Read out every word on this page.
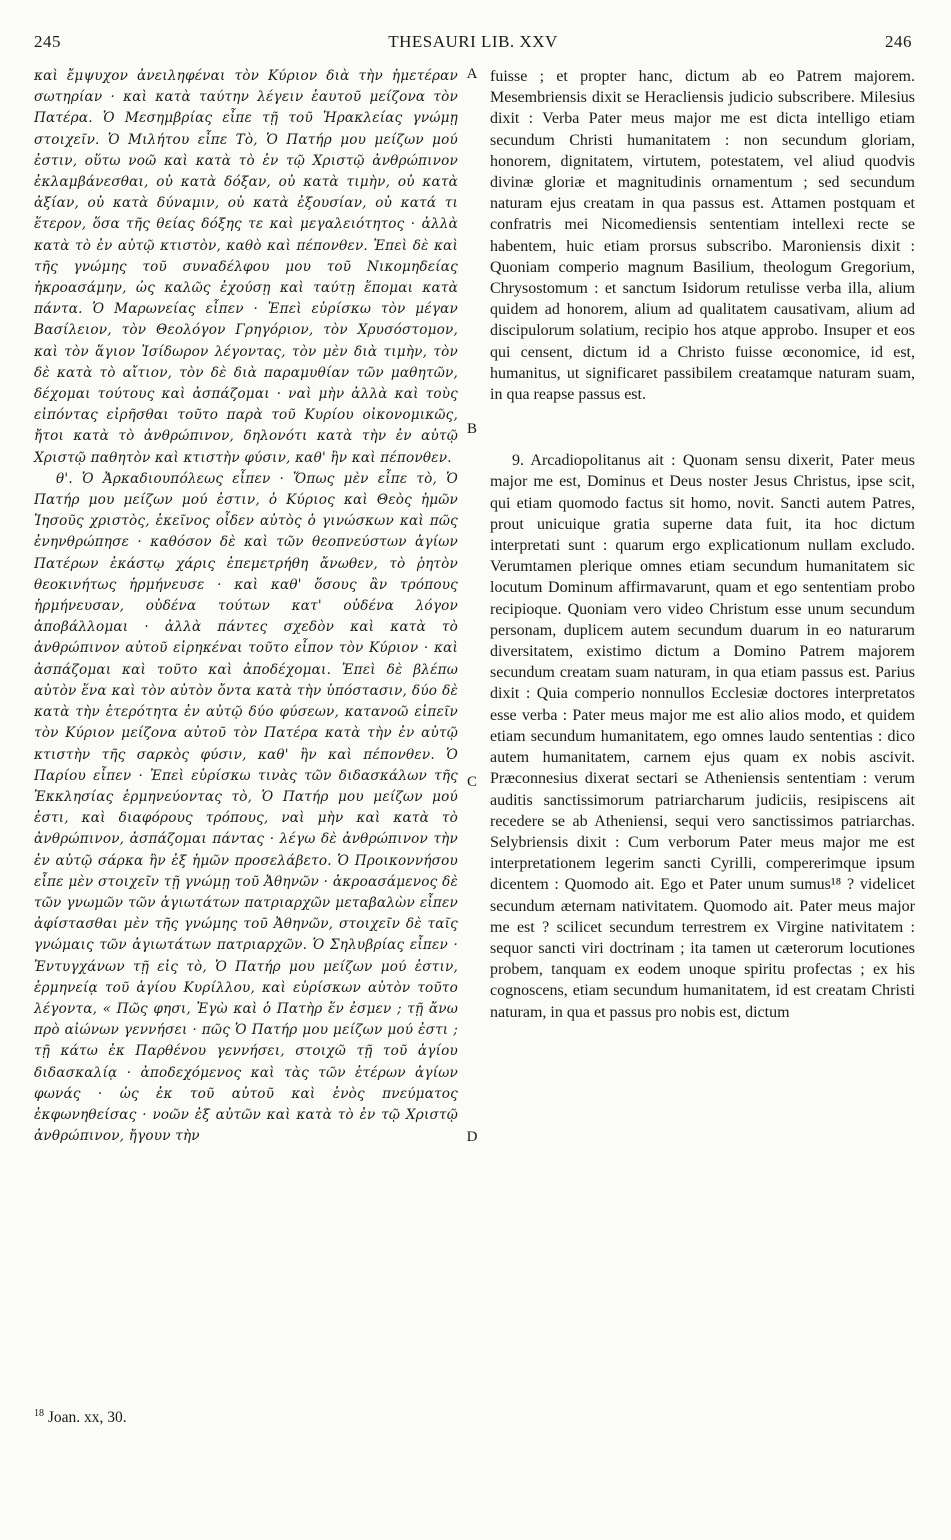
245	THESAURI LIB. XXV	246

καὶ ἔμψυχον ἀνειληφέναι τὸν Κύριον διὰ τὴν ἡμετέραν σωτηρίαν · καὶ κατὰ ταύτην λέγειν ἑαυτοῦ μείζονα τὸν Πατέρα. Ὁ Μεσημβρίας εἶπε τῇ τοῦ Ἡρακλείας γνώμῃ στοιχεῖν. Ὁ Μιλήτου εἶπε Τὸ, Ὁ Πατήρ μου μείζων μού ἐστιν, οὕτω νοῶ καὶ κατὰ τὸ ἐν τῷ Χριστῷ ἀνθρώπινον ἐκλαμβάνεσθαι, οὐ κατὰ δόξαν, οὐ κατὰ τιμὴν, οὐ κατὰ ἀξίαν, οὐ κατὰ δύναμιν, οὐ κατὰ ἐξουσίαν, οὐ κατά τι ἕτερον, ὅσα τῆς θείας δόξης τε καὶ μεγαλειότητος · ἀλλὰ κατὰ τὸ ἐν αὐτῷ κτιστὸν, καθὸ καὶ πέπονθεν. Ἐπεὶ δὲ καὶ τῆς γνώμης τοῦ συναδέλφου μου τοῦ Νικομηδείας ἠκροασάμην, ὡς καλῶς ἐχούσῃ καὶ ταύτῃ ἕπομαι κατὰ πάντα. Ὁ Μαρωνείας εἶπεν · Ἐπεὶ εὑρίσκω τὸν μέγαν Βασίλειον, τὸν Θεολόγον Γρηγόριον, τὸν Χρυσόστομον, καὶ τὸν ἅγιον Ἰσίδωρον λέγοντας, τὸν μὲν διὰ τιμὴν, τὸν δὲ κατὰ τὸ αἴτιον, τὸν δὲ διὰ παραμυθίαν τῶν μαθητῶν, δέχομαι τούτους καὶ ἀσπάζομαι · ναὶ μὴν ἀλλὰ καὶ τοὺς εἰπόντας εἰρῆσθαι τοῦτο παρὰ τοῦ Κυρίου οἰκονομικῶς, ἤτοι κατὰ τὸ ἀνθρώπινον, δηλονότι κατὰ τὴν ἐν αὐτῷ Χριστῷ παθητὸν καὶ κτιστὴν φύσιν, καθ' ἣν καὶ πέπονθεν.

θ'. Ὁ Ἀρκαδιουπόλεως εἶπεν · Ὅπως μὲν εἶπε τὸ, Ὁ Πατήρ μου μείζων μού ἐστιν, ὁ Κύριος καὶ Θεὸς ἡμῶν Ἰησοῦς χριστὸς, ἐκεῖνος οἶδεν αὐτὸς ὁ γινώσκων καὶ πῶς ἐνηνθρώπησε · καθόσον δὲ καὶ τῶν θεοπνεύστων ἁγίων Πατέρων ἑκάστῳ χάρις ἐπεμετρήθη ἄνωθεν, τὸ ῥητὸν θεοκινήτως ἡρμήνευσε · καὶ καθ' ὅσους ἂν τρόπους ἡρμήνευσαν, οὐδένα τούτων κατ' οὐδένα λόγον ἀποβάλλομαι · ἀλλὰ πάντες σχεδὸν καὶ κατὰ τὸ ἀνθρώπινον αὐτοῦ εἰρηκέναι τοῦτο εἶπον τὸν Κύριον · καὶ ἀσπάζομαι καὶ τοῦτο καὶ ἀποδέχομαι. Ἐπεὶ δὲ βλέπω αὐτὸν ἕνα καὶ τὸν αὐτὸν ὄντα κατὰ τὴν ὑπόστασιν, δύο δὲ κατὰ τὴν ἑτερότητα ἐν αὐτῷ δύο φύσεων, κατανοῶ εἰπεῖν τὸν Κύριον μείζονα αὐτοῦ τὸν Πατέρα κατὰ τὴν ἐν αὐτῷ κτιστὴν τῆς σαρκὸς φύσιν, καθ' ἣν καὶ πέπονθεν. Ὁ Παρίου εἶπεν · Ἐπεὶ εὑρίσκω τινὰς τῶν διδασκάλων τῆς Ἐκκλησίας ἑρμηνεύοντας τὸ, Ὁ Πατήρ μου μείζων μού ἐστι, καὶ διαφόρους τρόπους, ναὶ μὴν καὶ κατὰ τὸ ἀνθρώπινον, ἀσπάζομαι πάντας · λέγω δὲ ἀνθρώπινον τὴν ἐν αὐτῷ σάρκα ἣν ἐξ ἡμῶν προσελάβετο. Ὁ Προικοννήσου εἶπε μὲν στοιχεῖν τῇ γνώμῃ τοῦ Ἀθηνῶν · ἀκροασάμενος δὲ τῶν γνωμῶν τῶν ἁγιωτάτων πατριαρχῶν μεταβαλὼν εἶπεν ἀφίστασθαι μὲν τῆς γνώμης τοῦ Ἀθηνῶν, στοιχεῖν δὲ ταῖς γνώμαις τῶν ἁγιωτάτων πατριαρχῶν. Ὁ Σηλυβρίας εἶπεν · Ἐντυγχάνων τῇ εἰς τὸ, Ὁ Πατήρ μου μείζων μού ἐστιν, ἑρμηνείᾳ τοῦ ἁγίου Κυρίλλου, καὶ εὑρίσκων αὐτὸν τοῦτο λέγοντα, « Πῶς φησι, Ἐγὼ καὶ ὁ Πατὴρ ἕν ἐσμεν ; τῇ ἄνω πρὸ αἰώνων γεννήσει · πῶς Ὁ Πατήρ μου μείζων μού ἐστι ; τῇ κάτω ἐκ Παρθένου γεννήσει, στοιχῶ τῇ τοῦ ἁγίου διδασκαλίᾳ · ἀποδεχόμενος καὶ τὰς τῶν ἑτέρων ἁγίων φωνάς · ὡς ἐκ τοῦ αὐτοῦ καὶ ἑνὸς πνεύματος ἐκφωνηθείσας · νοῶν ἐξ αὐτῶν καὶ κατὰ τὸ ἐν τῷ Χριστῷ ἀνθρώπινον, ἤγουν τὴν

A
B
C
D

fuisse ; et propter hanc, dictum ab eo Patrem majorem. Mesembriensis dixit se Heracliensis judicio subscribere. Milesius dixit : Verba Pater meus major me est dicta intelligo etiam secundum Christi humanitatem : non secundum gloriam, honorem, dignitatem, virtutem, potestatem, vel aliud quodvis divinæ gloriæ et magnitudinis ornamentum ; sed secundum naturam ejus creatam in qua passus est. Attamen postquam et confratris mei Nicomediensis sententiam intellexi recte se habentem, huic etiam prorsus subscribo. Maroniensis dixit : Quoniam comperio magnum Basilium, theologum Gregorium, Chrysostomum : et sanctum Isidorum retulisse verba illa, alium quidem ad honorem, alium ad qualitatem causativam, alium ad discipulorum solatium, recipio hos atque approbo. Insuper et eos qui censent, dictum id a Christo fuisse œconomice, id est, humanitus, ut significaret passibilem creatamque naturam suam, in qua reapse passus est.

9. Arcadiopolitanus ait : Quonam sensu dixerit, Pater meus major me est, Dominus et Deus noster Jesus Christus, ipse scit, qui etiam quomodo factus sit homo, novit. Sancti autem Patres, prout unicuique gratia superne data fuit, ita hoc dictum interpretati sunt : quarum ergo explicationum nullam excludo. Verumtamen plerique omnes etiam secundum humanitatem sic locutum Dominum affirmavarunt, quam et ego sententiam probo recipioque. Quoniam vero video Christum esse unum secundum personam, duplicem autem secundum duarum in eo naturarum diversitatem, existimo dictum a Domino Patrem majorem secundum creatam suam naturam, in qua etiam passus est. Parius dixit : Quia comperio nonnullos Ecclesiæ doctores interpretatos esse verba : Pater meus major me est alio alios modo, et quidem etiam secundum humanitatem, ego omnes laudo sententias : dico autem humanitatem, carnem ejus quam ex nobis ascivit. Præconnesius dixerat sectari se Atheniensis sententiam : verum auditis sanctissimorum patriarcharum judiciis, resipiscens ait recedere se ab Atheniensi, sequi vero sanctissimos patriarchas. Selybriensis dixit : Cum verborum Pater meus major me est interpretationem legerim sancti Cyrilli, compererimque ipsum dicentem : Quomodo ait. Ego et Pater unum sumus¹⁸ ? videlicet secundum æternam nativitatem. Quomodo ait. Pater meus major me est ? scilicet secundum terrestrem ex Virgine nativitatem : sequor sancti viri doctrinam ; ita tamen ut cæterorum locutiones probem, tanquam ex eodem unoque spiritu profectas ; ex his cognoscens, etiam secundum humanitatem, id est creatam Christi naturam, in qua et passus pro nobis est, dictum

$^{18}$ Joan. xx, 30.
